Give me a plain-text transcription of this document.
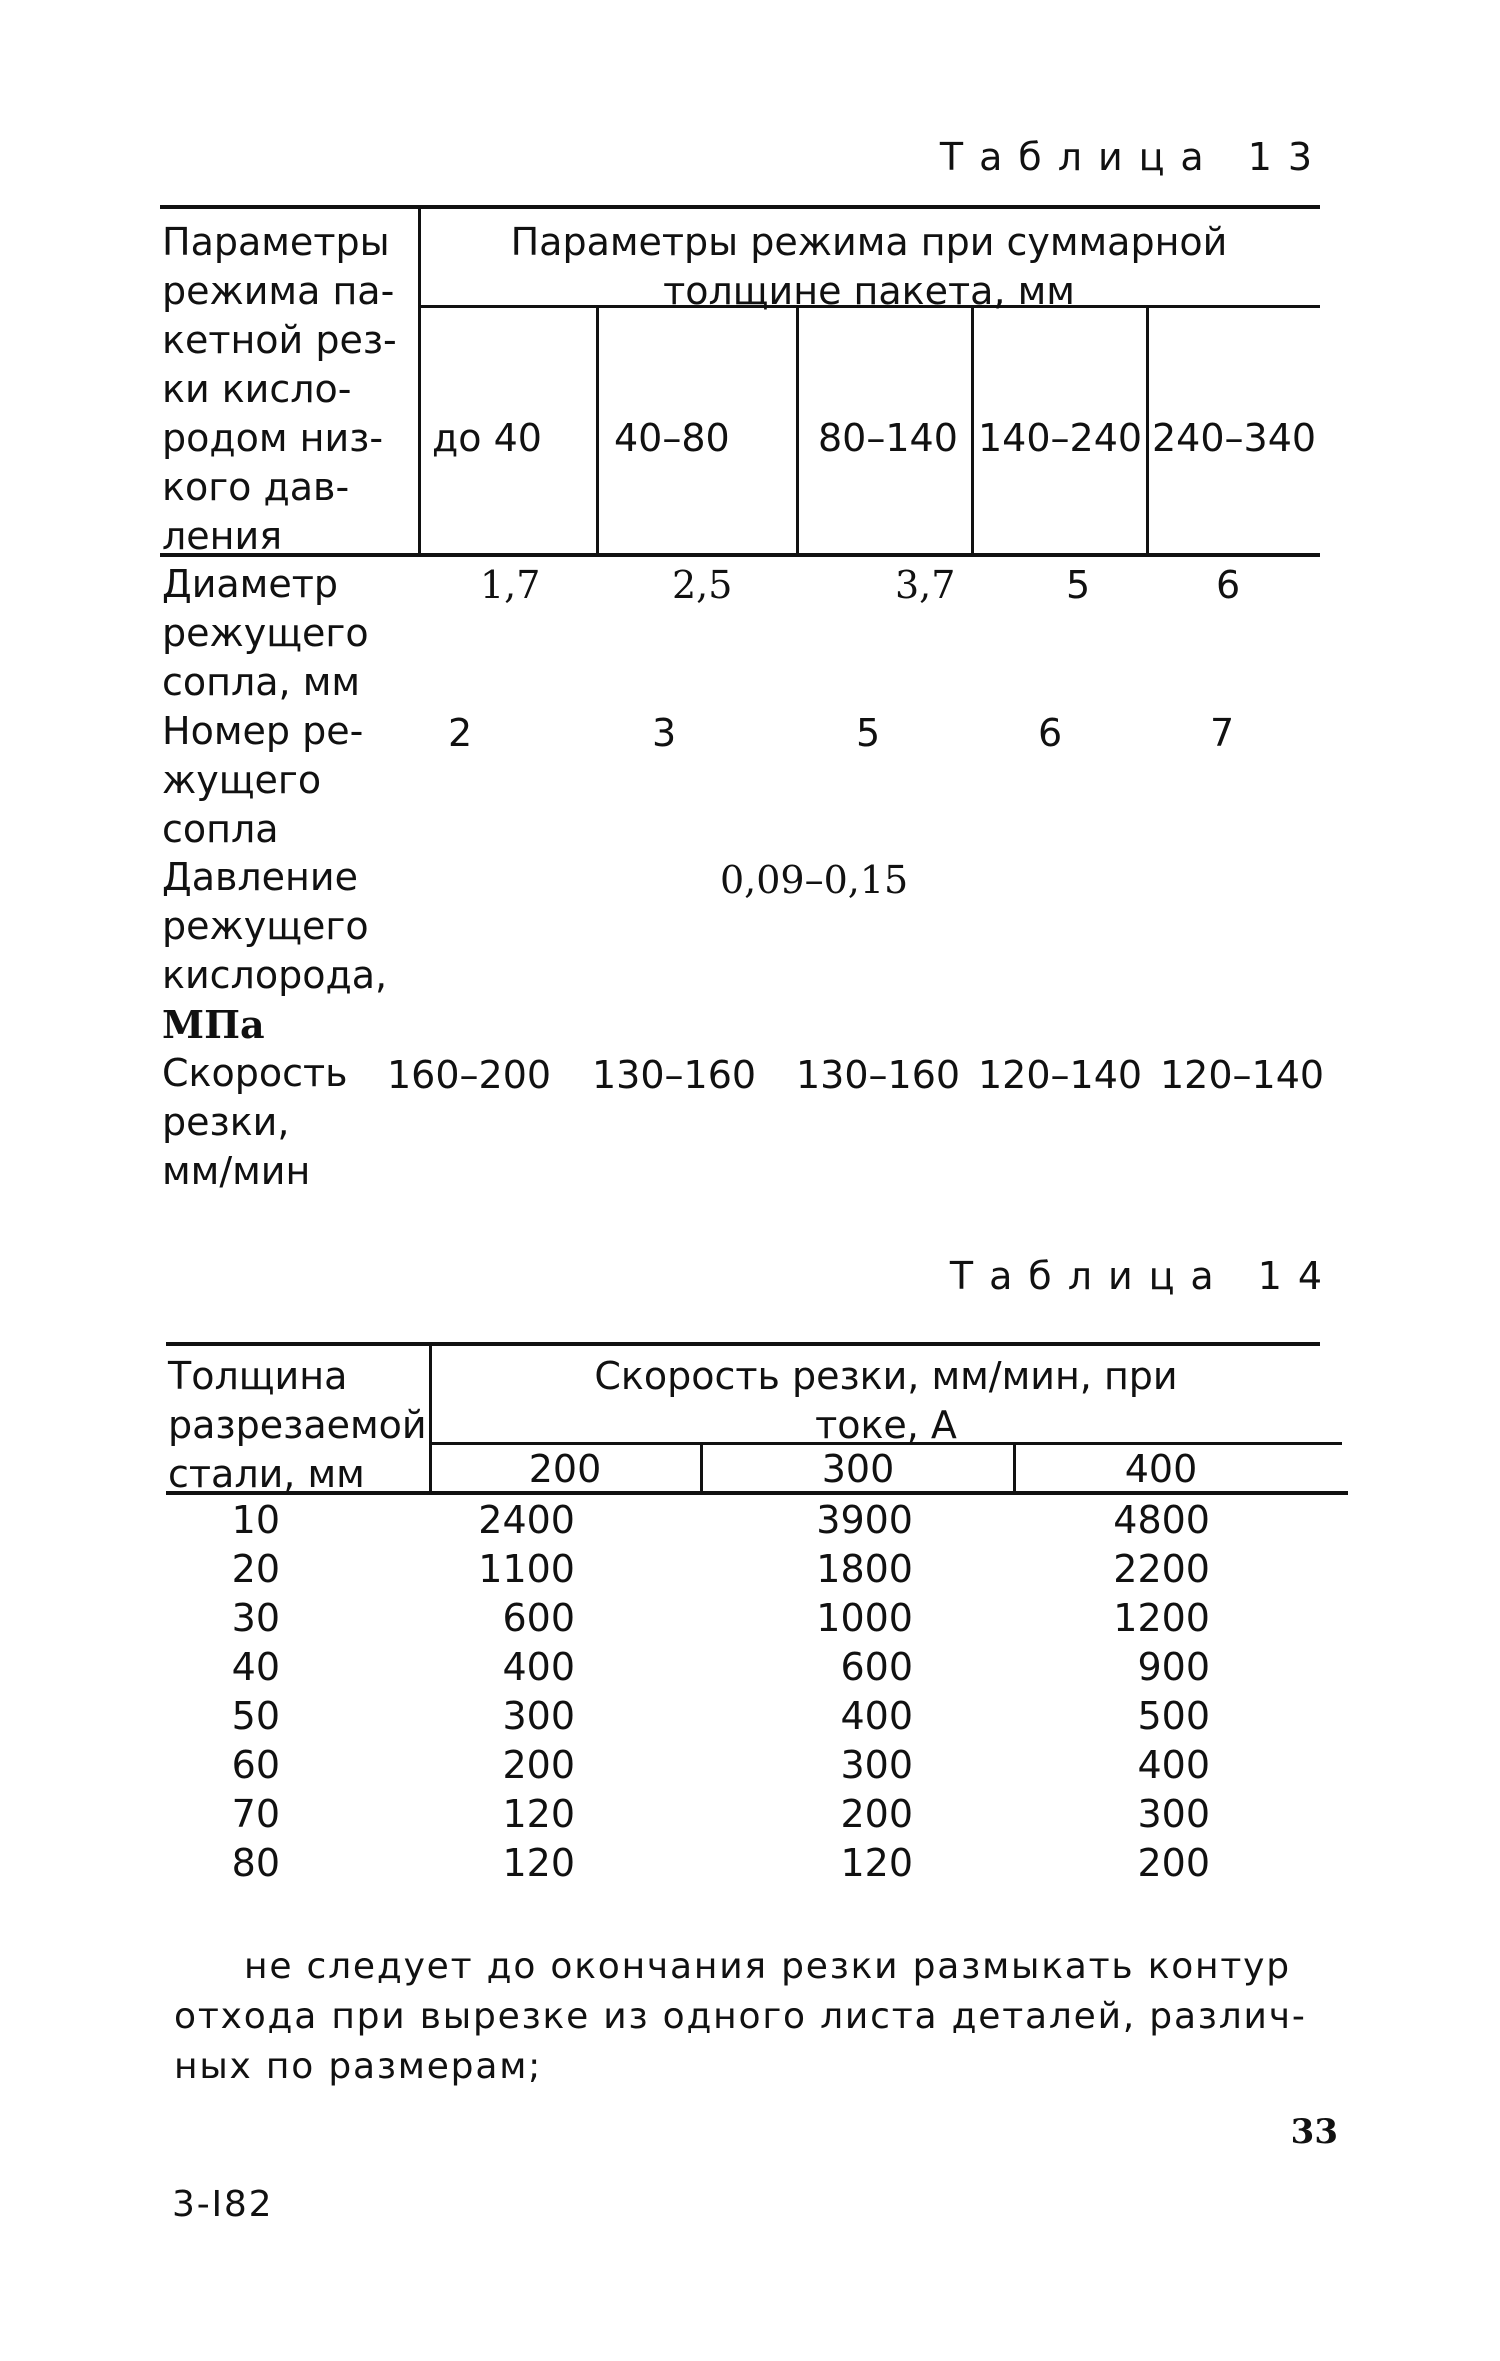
Таблица 13
Параметры
режима па-
кетной рез-
ки кисло-
родом низ-
кого дав-
ления
Параметры режима при суммарной
толщине пакета, мм
до 40 40–80 80–140 140–240 240–340
Диаметр
режущего
сопла, мм
1,7	2,5	3,7	5	6
Номер ре-
жущего
сопла
2	3	5	6	7
Давление
режущего
кислорода,
МПа
0,09–0,15
Скорость
резки,
мм/мин
160–200 130–160 130–160 120–140 120–140
Таблица 14
Толщина
разрезаемой
стали, мм
Скорость резки, мм/мин, при
токе, А
200	300	400
10	2400	3900	4800
20	1100	1800	2200
30	600	1000	1200
40	400	600	900
50	300	400	500
60	200	300	400
70	120	200	300
80	120	120	200
не следует до окончания резки размыкать контур
отхода при вырезке из одного листа деталей, различ-
ных по размерам;
33
3-I82
